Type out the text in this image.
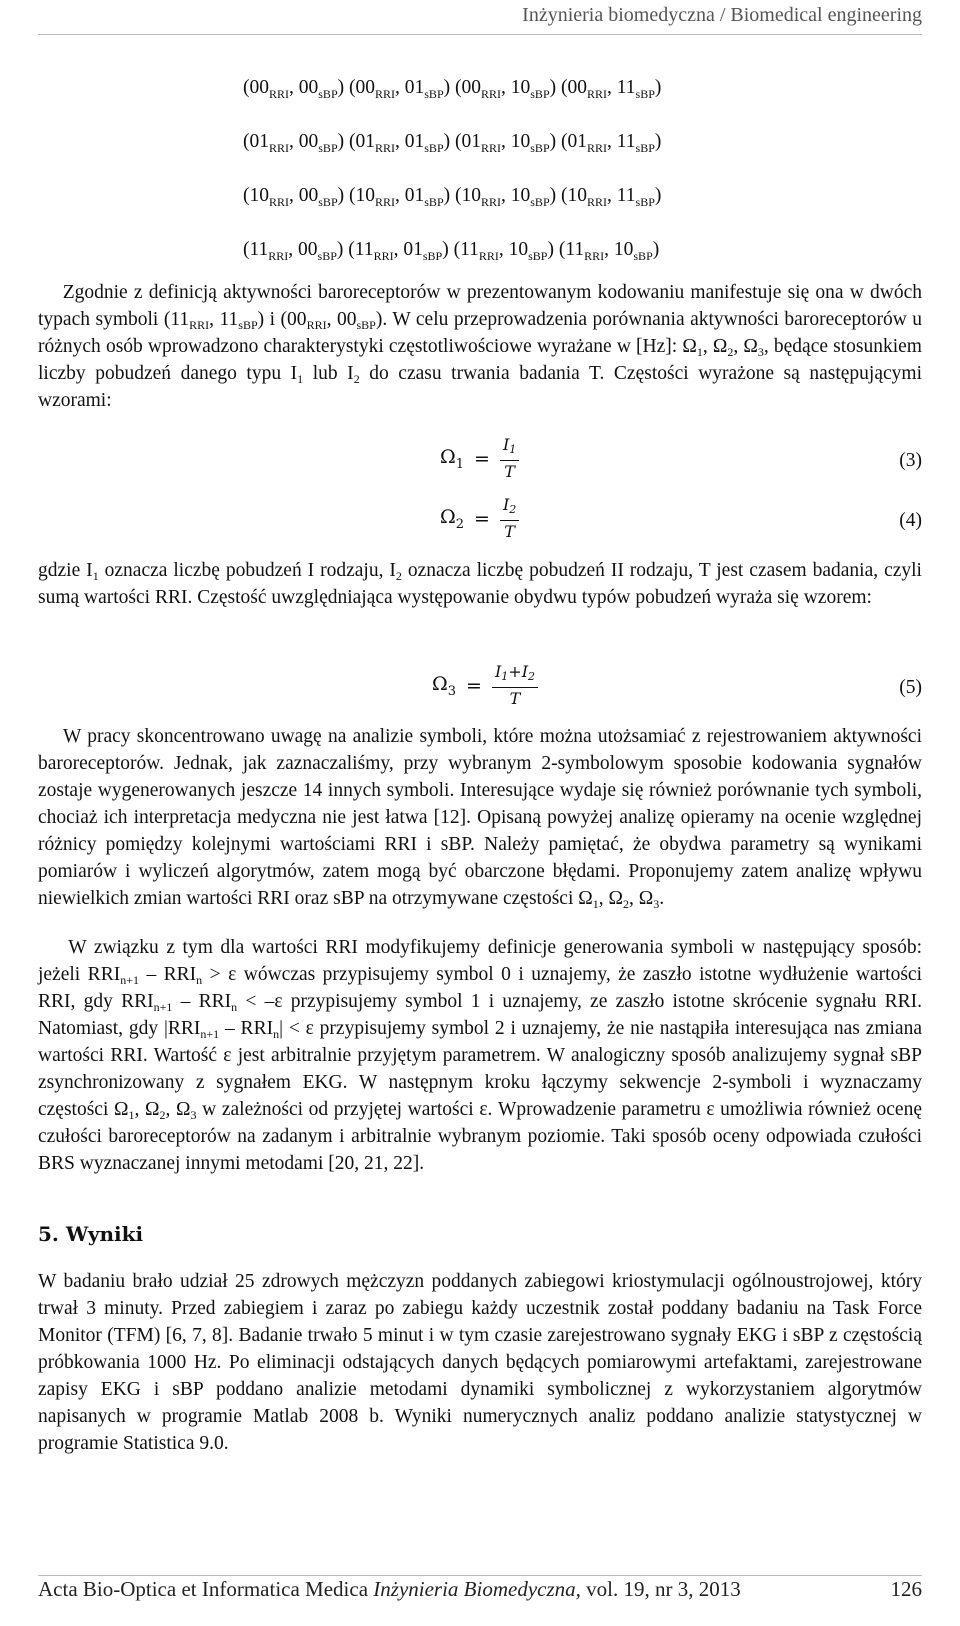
Inżynieria biomedyczna / Biomedical engineering
($00_{RRI}$, $00_{sBP}$) ($00_{RRI}$, $01_{sBP}$) ($00_{RRI}$, $10_{sBP}$) ($00_{RRI}$, $11_{sBP}$)
($01_{RRI}$, $00_{sBP}$) ($01_{RRI}$, $01_{sBP}$) ($01_{RRI}$, $10_{sBP}$) ($01_{RRI}$, $11_{sBP}$)
($10_{RRI}$, $00_{sBP}$) ($10_{RRI}$, $01_{sBP}$) ($10_{RRI}$, $10_{sBP}$) ($10_{RRI}$, $11_{sBP}$)
($11_{RRI}$, $00_{sBP}$) ($11_{RRI}$, $01_{sBP}$) ($11_{RRI}$, $10_{sBP}$) ($11_{RRI}$, $10_{sBP}$)
Zgodnie z definicją aktywności baroreceptorów w prezentowanym kodowaniu manifestuje się ona w dwóch typach symboli ($11_{RRI}$, $11_{sBP}$) i ($00_{RRI}$, $00_{sBP}$). W celu przeprowadzenia porównania aktywności baroreceptorów u różnych osób wprowadzono charakterystyki częstotliwościowe wyrażane w [Hz]: $\Omega_1$, $\Omega_2$, $\Omega_3$, będące stosunkiem liczby pobudzeń danego typu $I_1$ lub $I_2$ do czasu trwania badania T. Częstości wyrażone są następującymi wzorami:
$\Omega_1 = \frac{I_1}{T}$	(3)
$\Omega_2 = \frac{I_2}{T}$	(4)
gdzie $I_1$ oznacza liczbę pobudzeń I rodzaju, $I_2$ oznacza liczbę pobudzeń II rodzaju, T jest czasem badania, czyli sumą wartości RRI. Częstość uwzględniająca występowanie obydwu typów pobudzeń wyraża się wzorem:
$\Omega_3 = \frac{I_1+I_2}{T}$	(5)
W pracy skoncentrowano uwagę na analizie symboli, które można utożsamiać z rejestrowaniem aktywności baroreceptorów. Jednak, jak zaznaczaliśmy, przy wybranym 2-symbolowym sposobie kodowania sygnałów zostaje wygenerowanych jeszcze 14 innych symboli. Interesujące wydaje się również porównanie tych symboli, chociaż ich interpretacja medyczna nie jest łatwa [12]. Opisaną powyżej analizę opieramy na ocenie względnej różnicy pomiędzy kolejnymi wartościami RRI i sBP. Należy pamiętać, że obydwa parametry są wynikami pomiarów i wyliczeń algorytmów, zatem mogą być obarczone błędami. Proponujemy zatem analizę wpływu niewielkich zmian wartości RRI oraz sBP na otrzymywane częstości $\Omega_1$, $\Omega_2$, $\Omega_3$.
W związku z tym dla wartości RRI modyfikujemy definicje generowania symboli w następujący sposób: jeżeli $RRI_{n+1} - RRI_n > \varepsilon$ wówczas przypisujemy symbol 0 i uznajemy, że zaszło istotne wydłużenie wartości RRI, gdy $RRI_{n+1} - RRI_n < -\varepsilon$ przypisujemy symbol 1 i uznajemy, ze zaszło istotne skrócenie sygnału RRI. Natomiast, gdy $|RRI_{n+1} - RRI_n| < \varepsilon$ przypisujemy symbol 2 i uznajemy, że nie nastąpiła interesująca nas zmiana wartości RRI. Wartość ε jest arbitralnie przyjętym parametrem. W analogiczny sposób analizujemy sygnał sBP zsynchronizowany z sygnałem EKG. W następnym kroku łączymy sekwencje 2-symboli i wyznaczamy częstości $\Omega_1$, $\Omega_2$, $\Omega_3$ w zależności od przyjętej wartości ε. Wprowadzenie parametru ε umożliwia również ocenę czułości baroreceptorów na zadanym i arbitralnie wybranym poziomie. Taki sposób oceny odpowiada czułości BRS wyznaczanej innymi metodami [20, 21, 22].
5. Wyniki
W badaniu brało udział 25 zdrowych mężczyzn poddanych zabiegowi kriostymulacji ogólnoustrojowej, który trwał 3 minuty. Przed zabiegiem i zaraz po zabiegu każdy uczestnik został poddany badaniu na Task Force Monitor (TFM) [6, 7, 8]. Badanie trwało 5 minut i w tym czasie zarejestrowano sygnały EKG i sBP z częstością próbkowania 1000 Hz. Po eliminacji odstających danych będących pomiarowymi artefaktami, zarejestrowane zapisy EKG i sBP poddano analizie metodami dynamiki symbolicznej z wykorzystaniem algorytmów napisanych w programie Matlab 2008 b. Wyniki numerycznych analiz poddano analizie statystycznej w programie Statistica 9.0.
Acta Bio-Optica et Informatica Medica Inżynieria Biomedyczna, vol. 19, nr 3, 2013	126
